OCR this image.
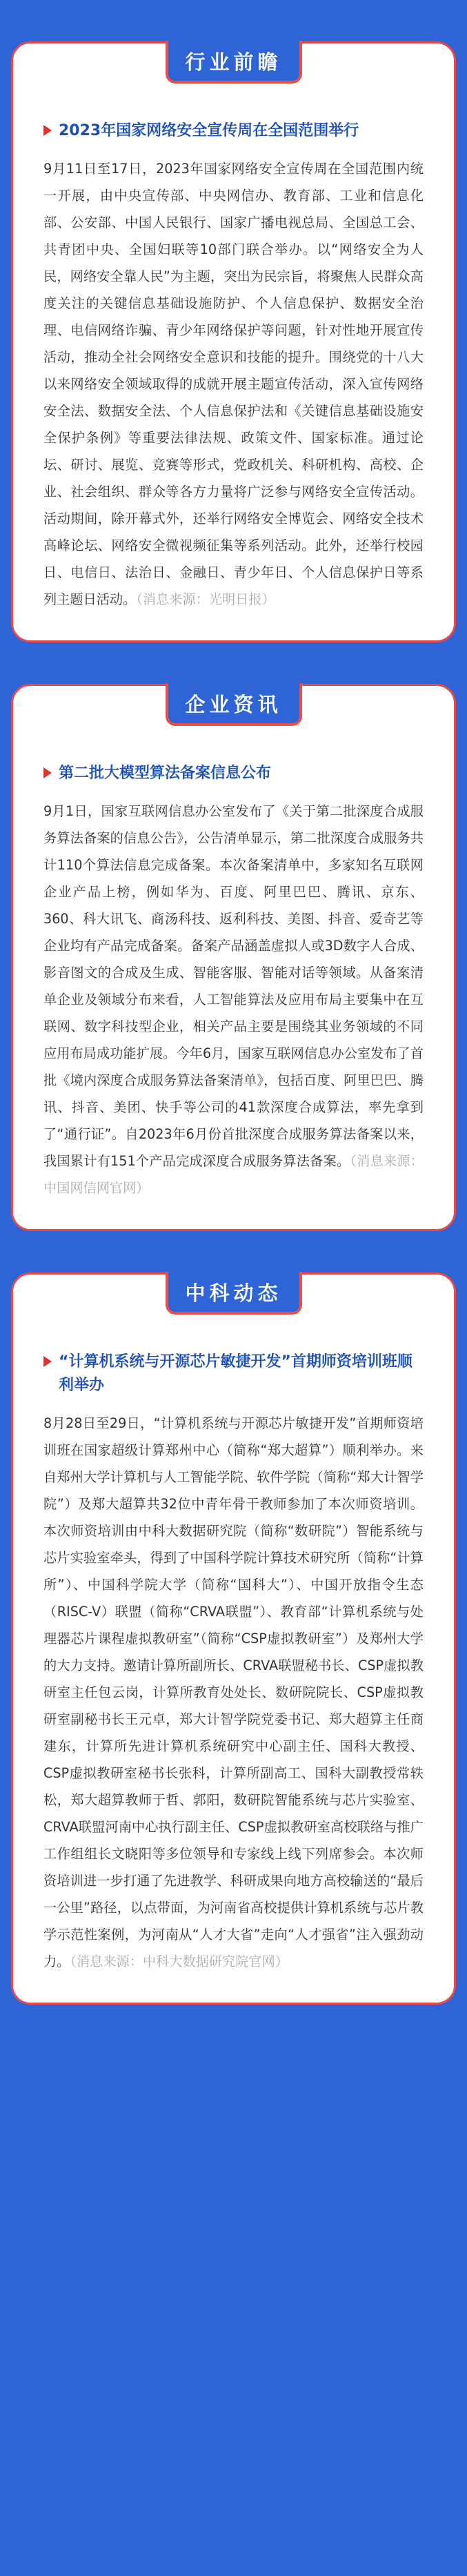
行业前瞻
2023年国家网络安全宣传周在全国范围举行
9月11日至17日，2023年国家网络安全宣传周在全国范围内统一开展，由中央宣传部、中央网信办、教育部、工业和信息化部、公安部、中国人民银行、国家广播电视总局、全国总工会、共青团中央、全国妇联等10部门联合举办。以“网络安全为人民，网络安全靠人民”为主题，突出为民宗旨，将聚焦人民群众高度关注的关键信息基础设施防护、个人信息保护、数据安全治理、电信网络诈骗、青少年网络保护等问题，针对性地开展宣传活动，推动全社会网络安全意识和技能的提升。围绕党的十八大以来网络安全领域取得的成就开展主题宣传活动，深入宣传网络安全法、数据安全法、个人信息保护法和《关键信息基础设施安全保护条例》等重要法律法规、政策文件、国家标准。通过论坛、研讨、展览、竞赛等形式，党政机关、科研机构、高校、企业、社会组织、群众等各方力量将广泛参与网络安全宣传活动。活动期间，除开幕式外，还举行网络安全博览会、网络安全技术高峰论坛、网络安全微视频征集等系列活动。此外，还举行校园日、电信日、法治日、金融日、青少年日、个人信息保护日等系列主题日活动。（消息来源：光明日报）
企业资讯
第二批大模型算法备案信息公布
9月1日，国家互联网信息办公室发布了《关于第二批深度合成服务算法备案的信息公告》，公告清单显示，第二批深度合成服务共计110个算法信息完成备案。本次备案清单中，多家知名互联网企业产品上榜，例如华为、百度、阿里巴巴、腾讯、京东、360、科大讯飞、商汤科技、返利科技、美图、抖音、爱奇艺等企业均有产品完成备案。备案产品涵盖虚拟人或3D数字人合成、影音图文的合成及生成、智能客服、智能对话等领域。从备案清单企业及领域分布来看，人工智能算法及应用布局主要集中在互联网、数字科技型企业，相关产品主要是围绕其业务领域的不同应用布局成功能扩展。今年6月，国家互联网信息办公室发布了首批《境内深度合成服务算法备案清单》，包括百度、阿里巴巴、腾讯、抖音、美团、快手等公司的41款深度合成算法，率先拿到了“通行证”。自2023年6月份首批深度合成服务算法备案以来，我国累计有151个产品完成深度合成服务算法备案。（消息来源：中国网信网官网）
中科动态
“计算机系统与开源芯片敏捷开发”首期师资培训班顺利举办
8月28日至29日，“计算机系统与开源芯片敏捷开发”首期师资培训班在国家超级计算郑州中心（简称“郑大超算”）顺利举办。来自郑州大学计算机与人工智能学院、软件学院（简称“郑大计智学院”）及郑大超算共32位中青年骨干教师参加了本次师资培训。本次师资培训由中科大数据研究院（简称“数研院”）智能系统与芯片实验室牵头，得到了中国科学院计算技术研究所（简称“计算所”）、中国科学院大学（简称“国科大”）、中国开放指令生态（RISC-V）联盟（简称“CRVA联盟”）、教育部“计算机系统与处理器芯片课程虚拟教研室”（简称“CSP虚拟教研室”）及郑州大学的大力支持。邀请计算所副所长、CRVA联盟秘书长、CSP虚拟教研室主任包云岗，计算所教育处处长、数研院院长、CSP虚拟教研室副秘书长王元卓，郑大计智学院党委书记、郑大超算主任商建东，计算所先进计算机系统研究中心副主任、国科大教授、CSP虚拟教研室秘书长张科，计算所副高工、国科大副教授常轶松，郑大超算教师于哲、郭阳，数研院智能系统与芯片实验室、CRVA联盟河南中心执行副主任、CSP虚拟教研室高校联络与推广工作组组长文晓阳等多位领导和专家线上线下列席参会。本次师资培训进一步打通了先进教学、科研成果向地方高校输送的“最后一公里”路径，以点带面，为河南省高校提供计算机系统与芯片教学示范性案例，为河南从“人才大省”走向“人才强省”注入强劲动力。（消息来源：中科大数据研究院官网）
